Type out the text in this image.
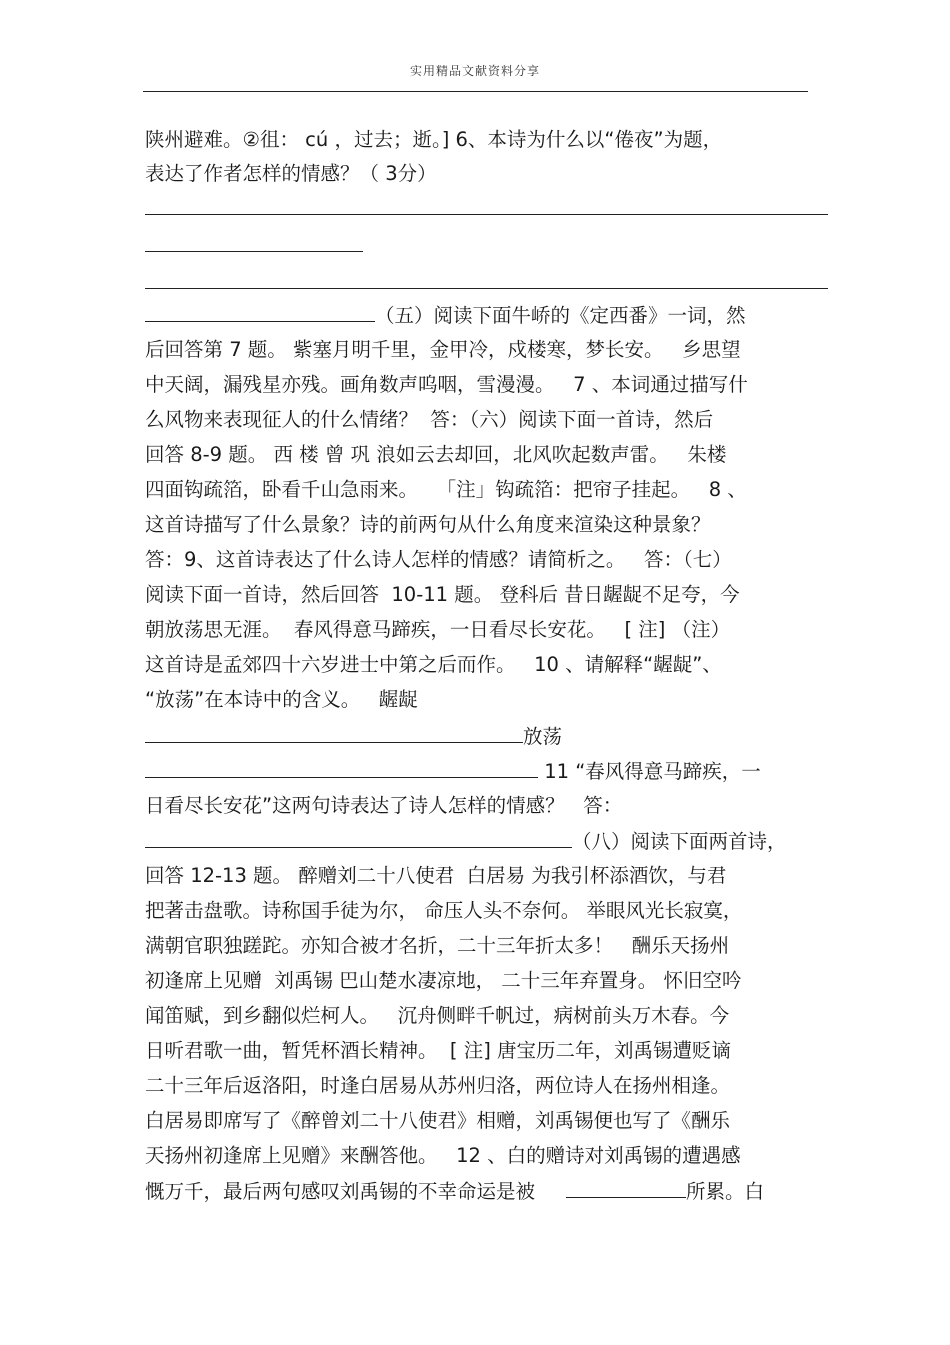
实用精品文献资料分享
陕州避难。②徂： cú ，过去；逝。] 6、本诗为什么以“倦夜”为题，
表达了作者怎样的情感？（ 3分）
（五）阅读下面牛峤的《定西番》一词，然
后回答第 7 题。 紫塞月明千里，金甲冷，戍楼寒，梦长安。   乡思望
中天阔，漏残星亦残。画角数声呜咽，雪漫漫。   7 、本词通过描写什
么风物来表现征人的什么情绪？  答：（六）阅读下面一首诗，然后
回答 8-9 题。 西 楼 曾 巩 浪如云去却回，北风吹起数声雷。   朱楼
四面钩疏箔，卧看千山急雨来。   「注」钩疏箔：把帘子挂起。   8 、
这首诗描写了什么景象？诗的前两句从什么角度来渲染这种景象？
答：9、这首诗表达了什么诗人怎样的情感？请简析之。   答：（七）
阅读下面一首诗，然后回答  10-11 题。 登科后 昔日龌龊不足夸，今
朝放荡思无涯。  春风得意马蹄疾，一日看尽长安花。   [ 注] （注）
这首诗是孟郊四十六岁进士中第之后而作。   10 、请解释“龌龊”、
“放荡”在本诗中的含义。   龌龊
放荡
11 “春风得意马蹄疾，一
日看尽长安花”这两句诗表达了诗人怎样的情感？   答：
（八）阅读下面两首诗，
回答 12-13 题。 醉赠刘二十八使君  白居易 为我引杯添酒饮，与君
把著击盘歌。诗称国手徒为尔， 命压人头不奈何。 举眼风光长寂寞，
满朝官职独蹉跎。亦知合被才名折，二十三年折太多！   酬乐天扬州
初逢席上见赠  刘禹锡 巴山楚水凄凉地， 二十三年弃置身。 怀旧空吟
闻笛赋，到乡翻似烂柯人。   沉舟侧畔千帆过，病树前头万木春。今
日听君歌一曲，暂凭杯酒长精神。  [ 注] 唐宝历二年，刘禹锡遭贬谪
二十三年后返洛阳，时逢白居易从苏州归洛，两位诗人在扬州相逢。
白居易即席写了《醉曾刘二十八使君》相赠，刘禹锡便也写了《酬乐
天扬州初逢席上见赠》来酬答他。   12 、白的赠诗对刘禹锡的遭遇感
慨万千，最后两句感叹刘禹锡的不幸命运是被	所累。白
